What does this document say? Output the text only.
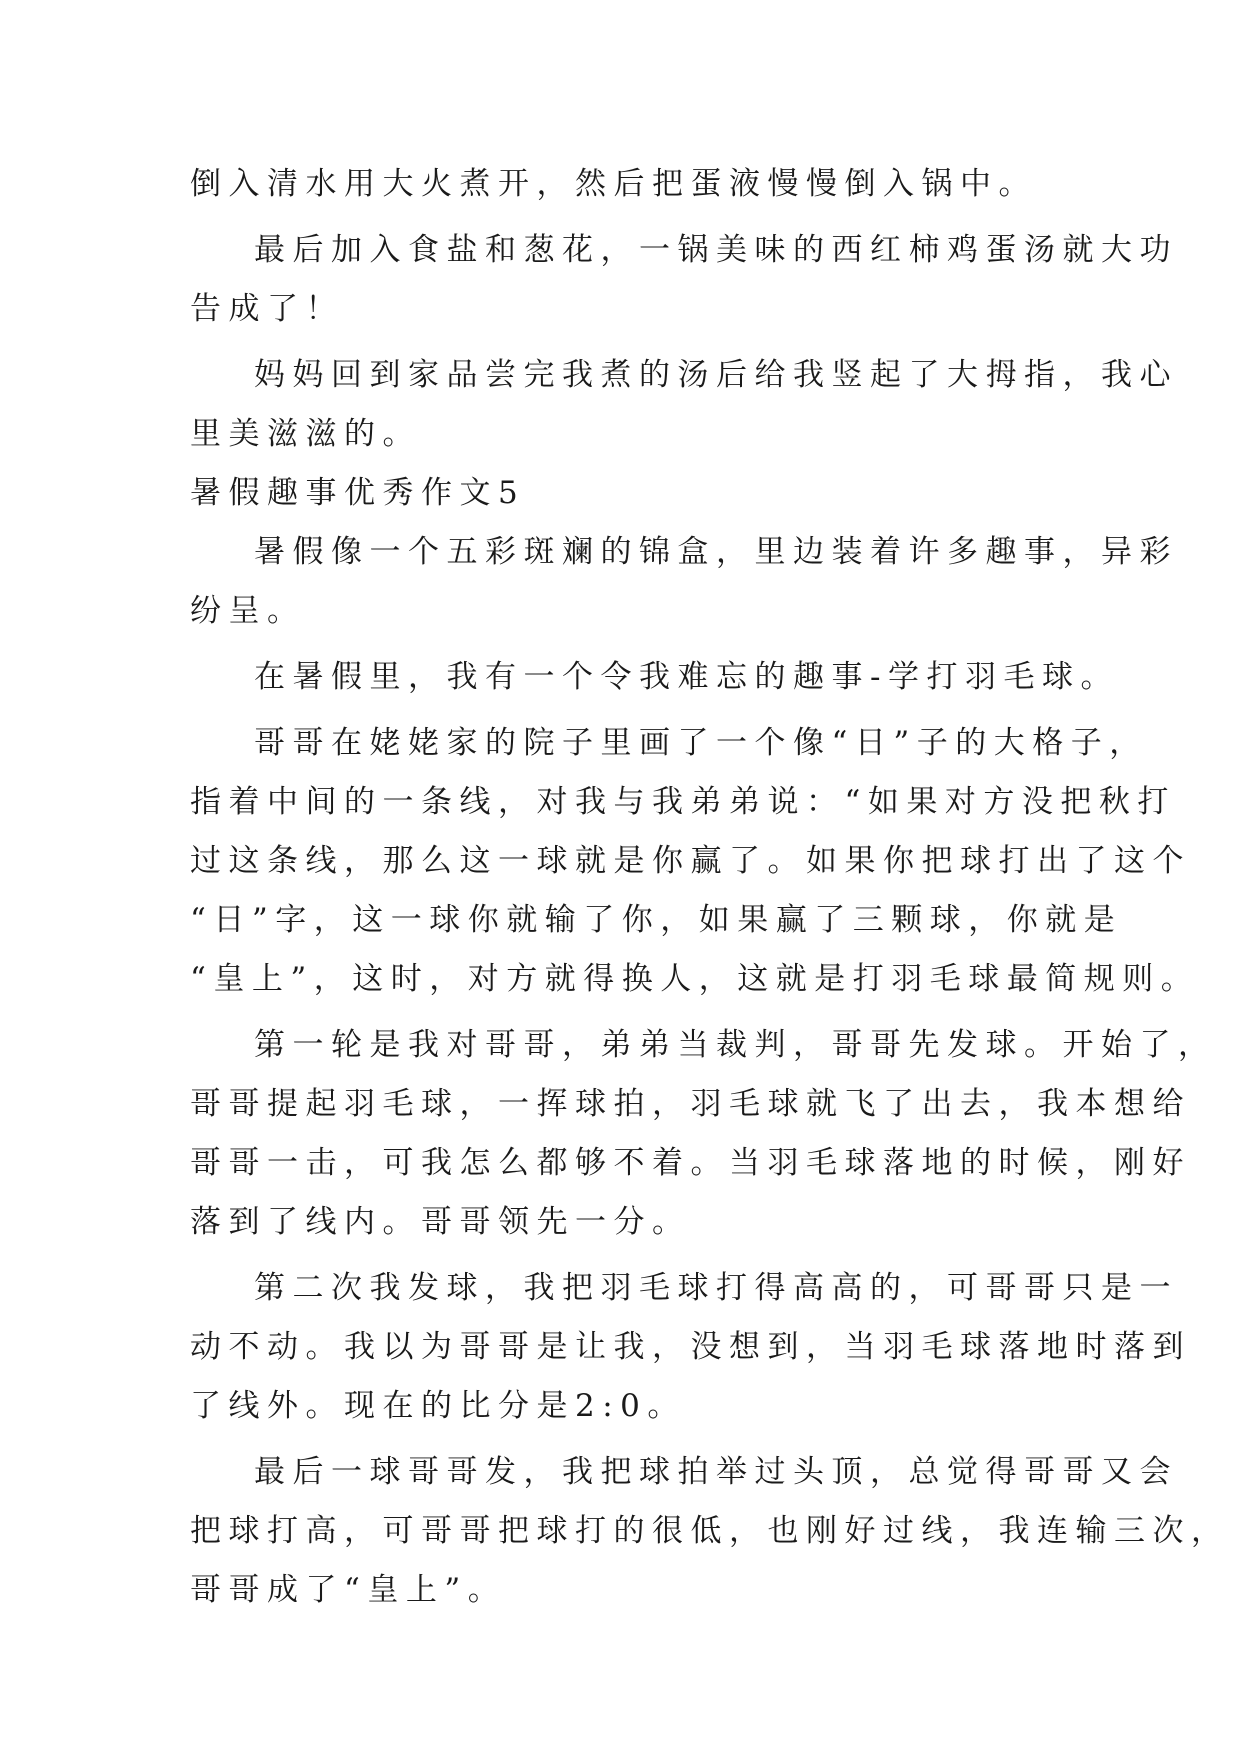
倒入清水用大火煮开，然后把蛋液慢慢倒入锅中。
最后加入食盐和葱花，一锅美味的西红柿鸡蛋汤就大功
告成了！
妈妈回到家品尝完我煮的汤后给我竖起了大拇指，我心
里美滋滋的。
暑假趣事优秀作文5
暑假像一个五彩斑斓的锦盒，里边装着许多趣事，异彩
纷呈。
在暑假里，我有一个令我难忘的趣事-学打羽毛球。
哥哥在姥姥家的院子里画了一个像“日”子的大格子，
指着中间的一条线，对我与我弟弟说：“如果对方没把秋打
过这条线，那么这一球就是你赢了。如果你把球打出了这个
“日”字，这一球你就输了你，如果赢了三颗球，你就是
“皇上”，这时，对方就得换人，这就是打羽毛球最简规则。
第一轮是我对哥哥，弟弟当裁判，哥哥先发球。开始了，
哥哥提起羽毛球，一挥球拍，羽毛球就飞了出去，我本想给
哥哥一击，可我怎么都够不着。当羽毛球落地的时候，刚好
落到了线内。哥哥领先一分。
第二次我发球，我把羽毛球打得高高的，可哥哥只是一
动不动。我以为哥哥是让我，没想到，当羽毛球落地时落到
了线外。现在的比分是2:0。
最后一球哥哥发，我把球拍举过头顶，总觉得哥哥又会
把球打高，可哥哥把球打的很低，也刚好过线，我连输三次，
哥哥成了“皇上”。
